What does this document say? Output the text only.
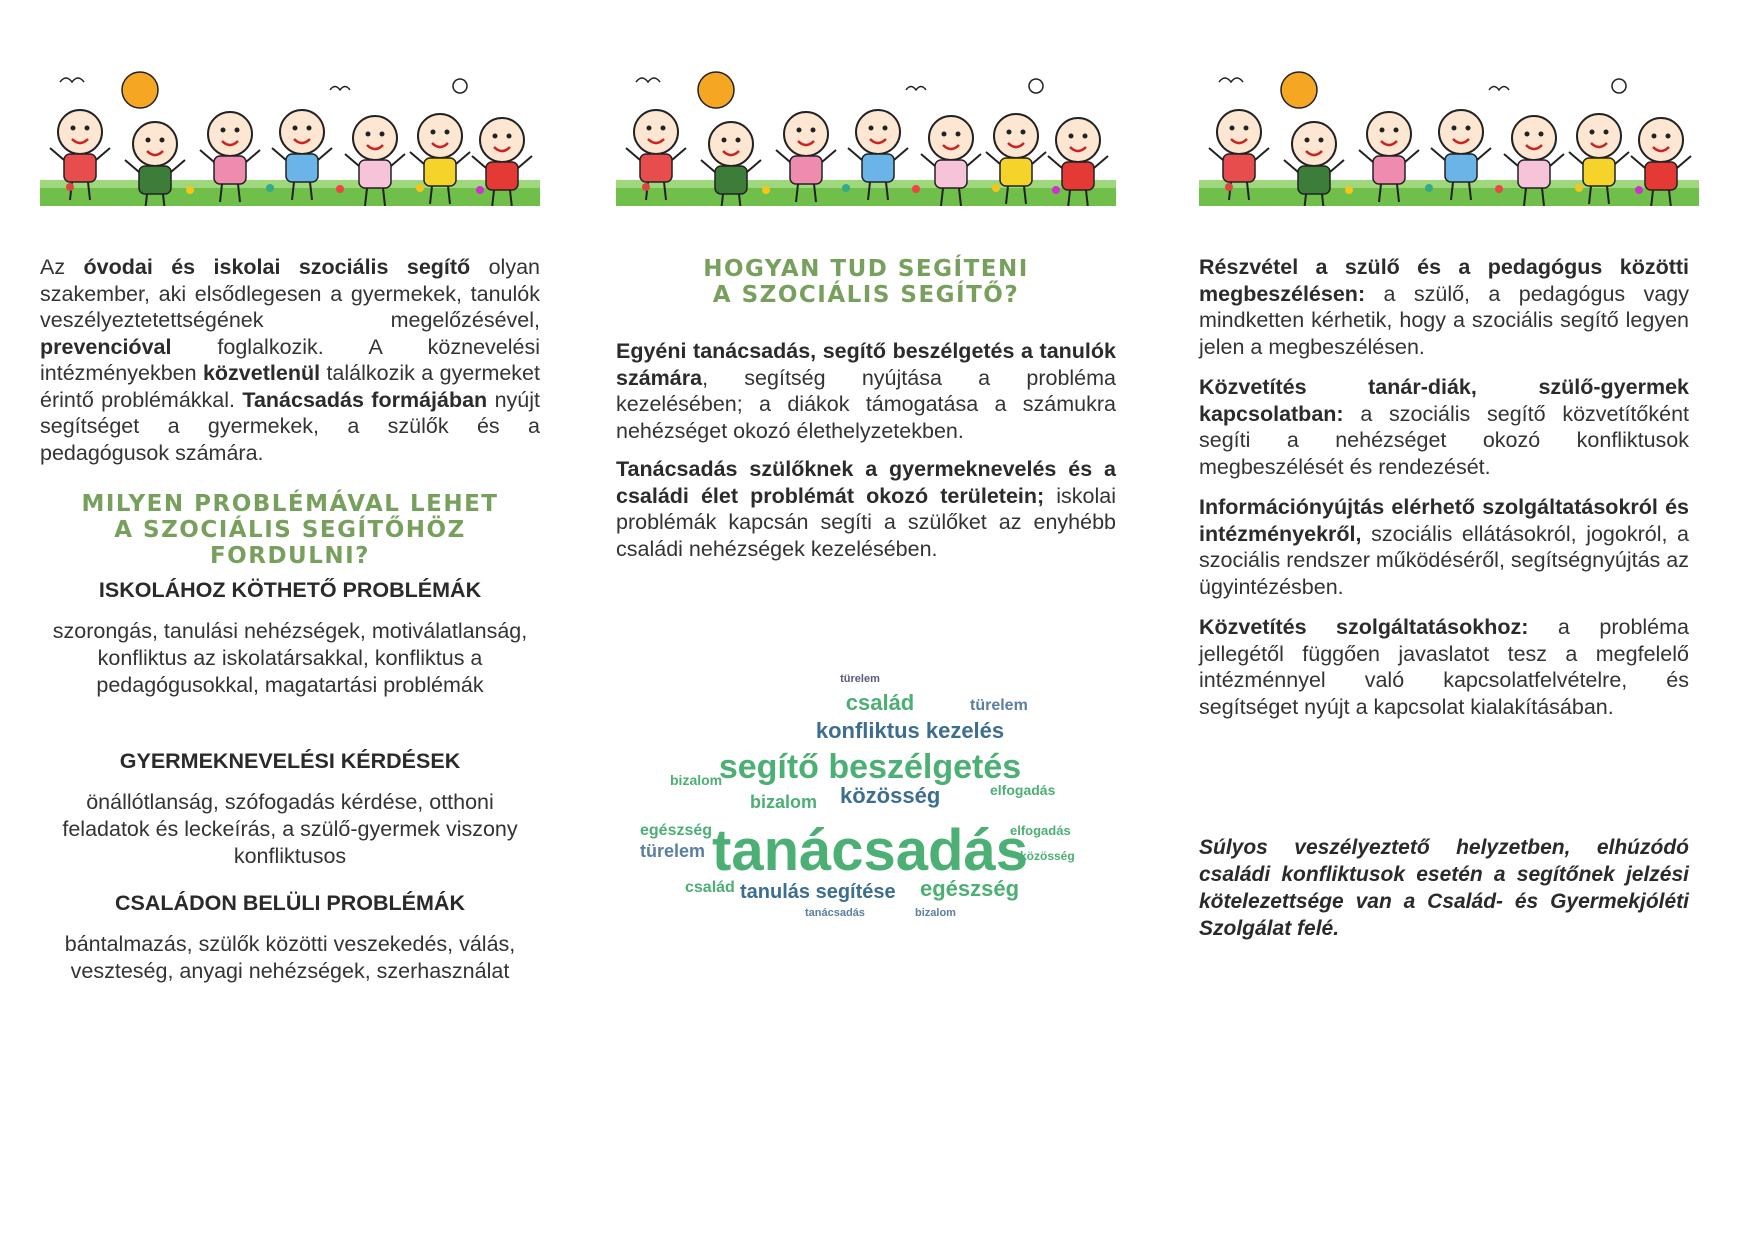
Az óvodai és iskolai szociális segítő olyan szakember, aki elsődlegesen a gyermekek, tanulók veszélyeztetettségének megelőzésével, prevencióval foglalkozik. A köznevelési intézményekben közvetlenül találkozik a gyermeket érintő problémákkal. Tanácsadás formájában nyújt segítséget a gyermekek, a szülők és a pedagógusok számára.
MILYEN PROBLÉMÁVAL LEHET
A SZOCIÁLIS SEGÍTŐHÖZ
FORDULNI?
ISKOLÁHOZ KÖTHETŐ PROBLÉMÁK
szorongás, tanulási nehézségek, motiválatlanság, konfliktus az iskolatársakkal, konfliktus a pedagógusokkal, magatartási problémák
GYERMEKNEVELÉSI KÉRDÉSEK
önállótlanság, szófogadás kérdése, otthoni feladatok és leckeírás, a szülő-gyermek viszony konfliktusos
CSALÁDON BELÜLI PROBLÉMÁK
bántalmazás, szülők közötti veszekedés, válás, veszteség, anyagi nehézségek, szerhasználat
HOGYAN TUD SEGÍTENI
A SZOCIÁLIS SEGÍTŐ?
Egyéni tanácsadás, segítő beszélgetés a tanulók számára, segítség nyújtása a probléma kezelésében; a diákok támogatása a számukra nehézséget okozó élethelyzetekben.
Tanácsadás szülőknek a gyermeknevelés és a családi élet problémát okozó területein; iskolai problémák kapcsán segíti a szülőket az enyhébb családi nehézségek kezelésében.
türelem
család	türelem
konfliktus kezelés
segítő beszélgetés
bizalom
bizalom közösség	elfogadás
egészség
türelem tanácsadás
elfogadás
közösség
család tanulás segítése egészség
tanácsadás	bizalom
Részvétel a szülő és a pedagógus közötti megbeszélésen: a szülő, a pedagógus vagy mindketten kérhetik, hogy a szociális segítő legyen jelen a megbeszélésen.
Közvetítés tanár-diák, szülő-gyermek kapcsolatban: a szociális segítő közvetítőként segíti a nehézséget okozó konfliktusok megbeszélését és rendezését.
Információnyújtás elérhető szolgáltatásokról és intézményekről, szociális ellátásokról, jogokról, a szociális rendszer működéséről, segítségnyújtás az ügyintézésben.
Közvetítés szolgáltatásokhoz: a probléma jellegétől függően javaslatot tesz a megfelelő intézménnyel való kapcsolatfelvételre, és segítséget nyújt a kapcsolat kialakításában.
Súlyos veszélyeztető helyzetben, elhúzódó családi konfliktusok esetén a segítőnek jelzési kötelezettsége van a Család- és Gyermekjóléti Szolgálat felé.
